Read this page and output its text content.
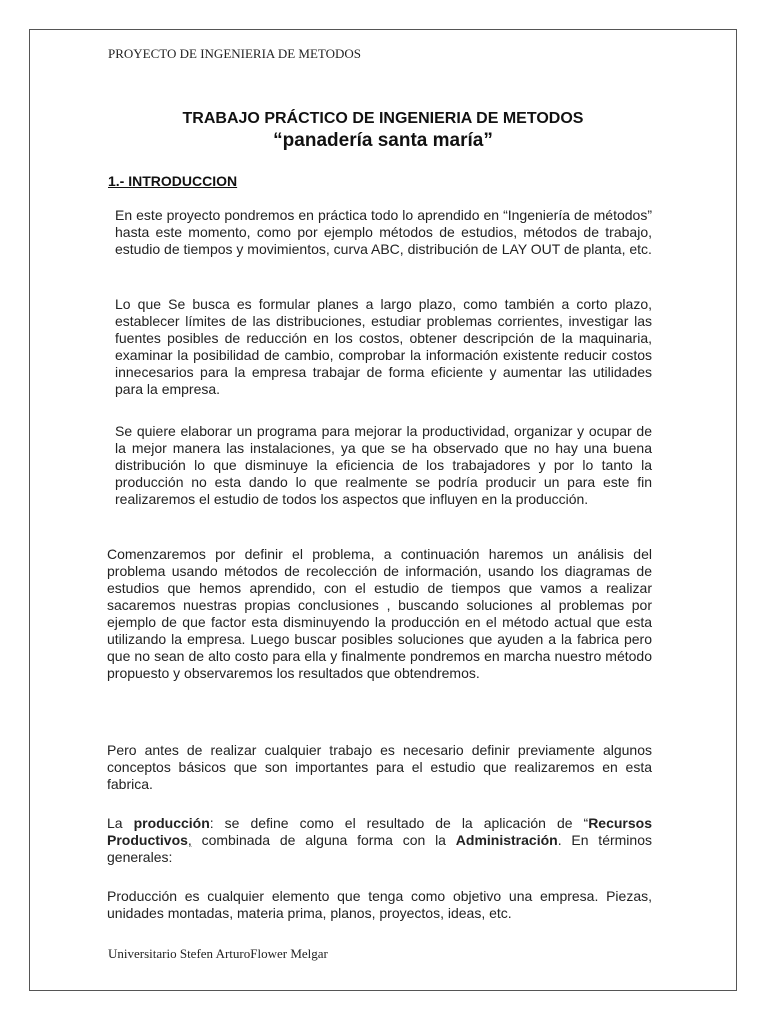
PROYECTO DE INGENIERIA DE METODOS
TRABAJO PRÁCTICO DE INGENIERIA DE METODOS
“panadería santa maría”
1.- INTRODUCCION

En este proyecto pondremos en práctica todo lo aprendido en “Ingeniería de métodos” hasta este momento, como por ejemplo métodos de estudios, métodos de trabajo, estudio de tiempos y movimientos, curva ABC, distribución de LAY OUT de planta, etc.

Lo que Se busca es formular planes a largo plazo, como también a corto plazo, establecer límites de las distribuciones, estudiar problemas corrientes, investigar las fuentes posibles de reducción en los costos, obtener descripción de la maquinaria, examinar la posibilidad de cambio, comprobar la información existente reducir costos innecesarios para la empresa trabajar de forma eficiente y aumentar las utilidades para la empresa.

Se quiere elaborar un programa para mejorar la productividad, organizar y ocupar de la mejor manera las instalaciones, ya que se ha observado que no hay una buena distribución lo que disminuye la eficiencia de los trabajadores y por lo tanto la producción no esta dando lo que realmente se podría producir un para este fin realizaremos el estudio de todos los aspectos que influyen en la producción.

Comenzaremos por definir el problema, a continuación haremos un análisis del problema usando métodos de recolección de información, usando los diagramas de estudios que hemos aprendido, con el estudio de tiempos que vamos a realizar sacaremos nuestras propias conclusiones , buscando soluciones al problemas por ejemplo de que factor esta disminuyendo la producción en el método actual que esta utilizando la empresa. Luego buscar posibles soluciones que ayuden a la fabrica pero que no sean de alto costo para ella y finalmente pondremos en marcha nuestro método propuesto y observaremos los resultados que obtendremos.

Pero antes de realizar cualquier trabajo es necesario definir previamente algunos conceptos básicos que son importantes para el estudio que realizaremos en esta fabrica.

La producción: se define como el resultado de la aplicación de “Recursos Productivos, combinada de alguna forma con la Administración. En términos generales:

Producción es cualquier elemento que tenga como objetivo una empresa. Piezas, unidades montadas, materia prima, planos, proyectos, ideas, etc.

Universitario Stefen ArturoFlower Melgar
